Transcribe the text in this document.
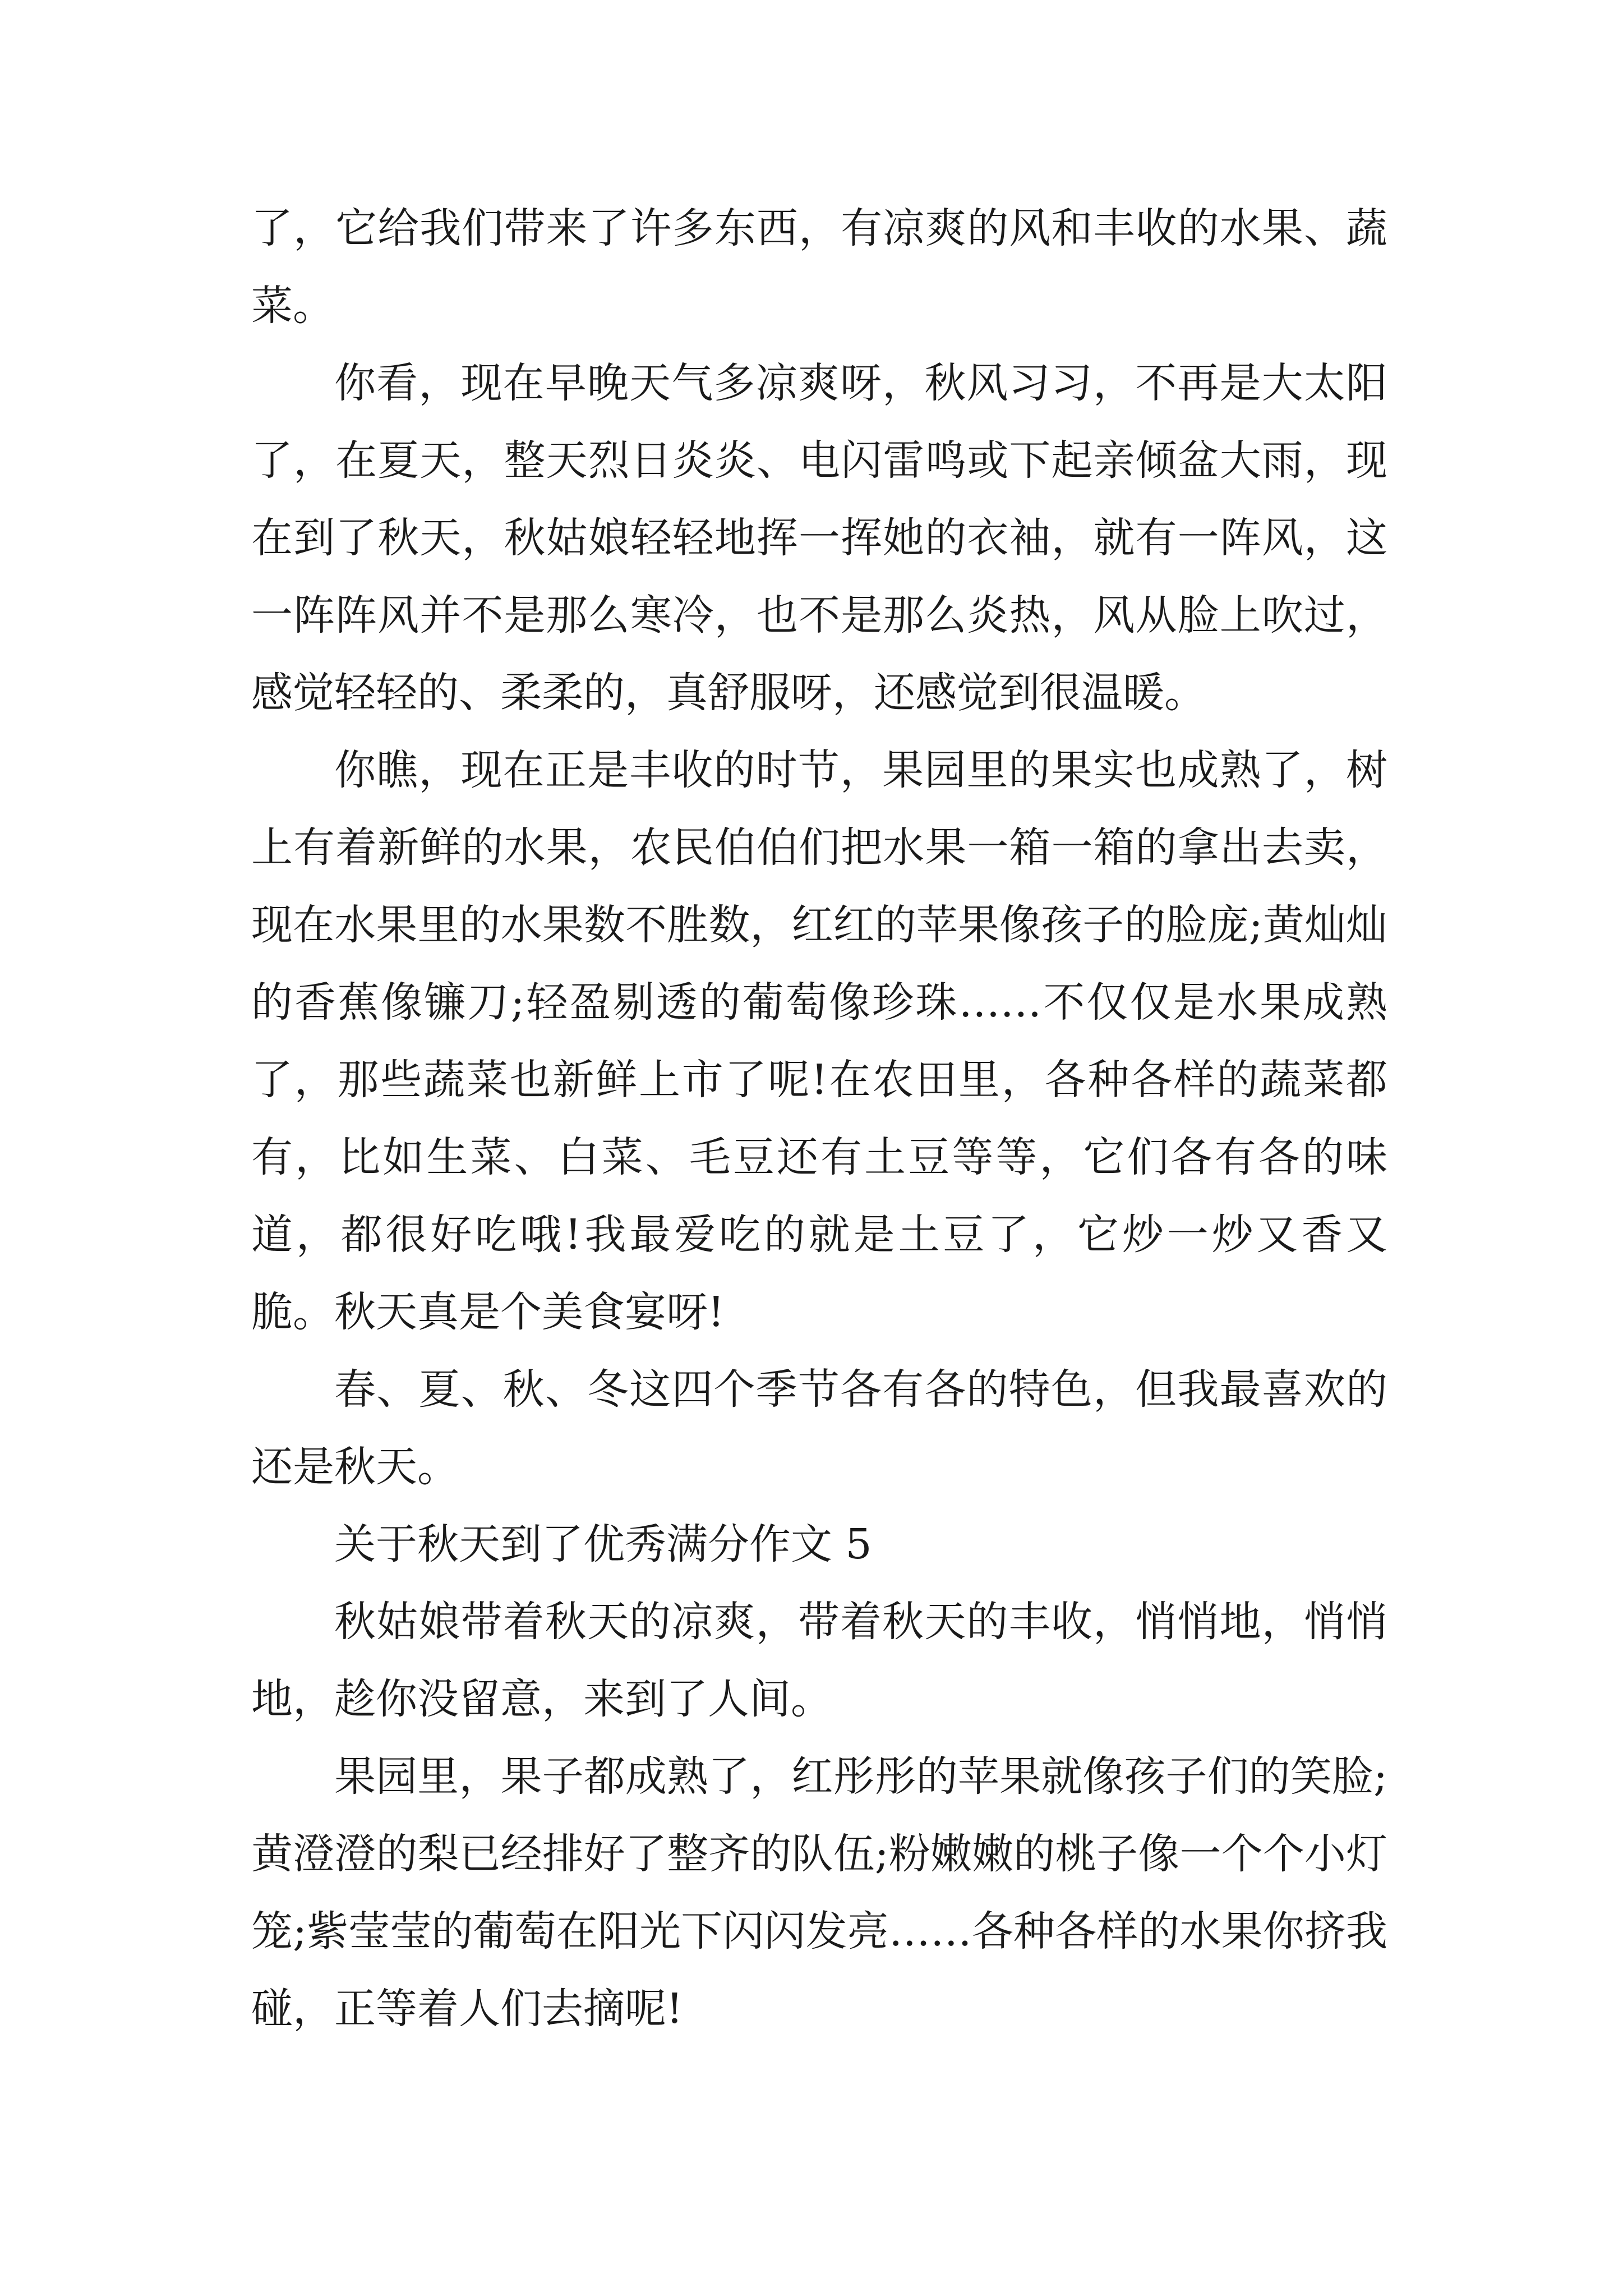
了，它给我们带来了许多东西，有凉爽的风和丰收的水果、蔬菜。

你看，现在早晚天气多凉爽呀，秋风习习，不再是大太阳了，在夏天，整天烈日炎炎、电闪雷鸣或下起亲倾盆大雨，现在到了秋天，秋姑娘轻轻地挥一挥她的衣袖，就有一阵风，这一阵阵风并不是那么寒冷，也不是那么炎热，风从脸上吹过，感觉轻轻的、柔柔的，真舒服呀，还感觉到很温暖。

你瞧，现在正是丰收的时节，果园里的果实也成熟了，树上有着新鲜的水果，农民伯伯们把水果一箱一箱的拿出去卖，现在水果里的水果数不胜数，红红的苹果像孩子的脸庞;黄灿灿的香蕉像镰刀;轻盈剔透的葡萄像珍珠……不仅仅是水果成熟了，那些蔬菜也新鲜上市了呢!在农田里，各种各样的蔬菜都有，比如生菜、白菜、毛豆还有土豆等等，它们各有各的味道，都很好吃哦!我最爱吃的就是土豆了，它炒一炒又香又脆。秋天真是个美食宴呀!

春、夏、秋、冬这四个季节各有各的特色，但我最喜欢的还是秋天。

关于秋天到了优秀满分作文 5

秋姑娘带着秋天的凉爽，带着秋天的丰收，悄悄地，悄悄地，趁你没留意，来到了人间。

果园里，果子都成熟了，红彤彤的苹果就像孩子们的笑脸;黄澄澄的梨已经排好了整齐的队伍;粉嫩嫩的桃子像一个个小灯笼;紫莹莹的葡萄在阳光下闪闪发亮……各种各样的水果你挤我碰，正等着人们去摘呢!
